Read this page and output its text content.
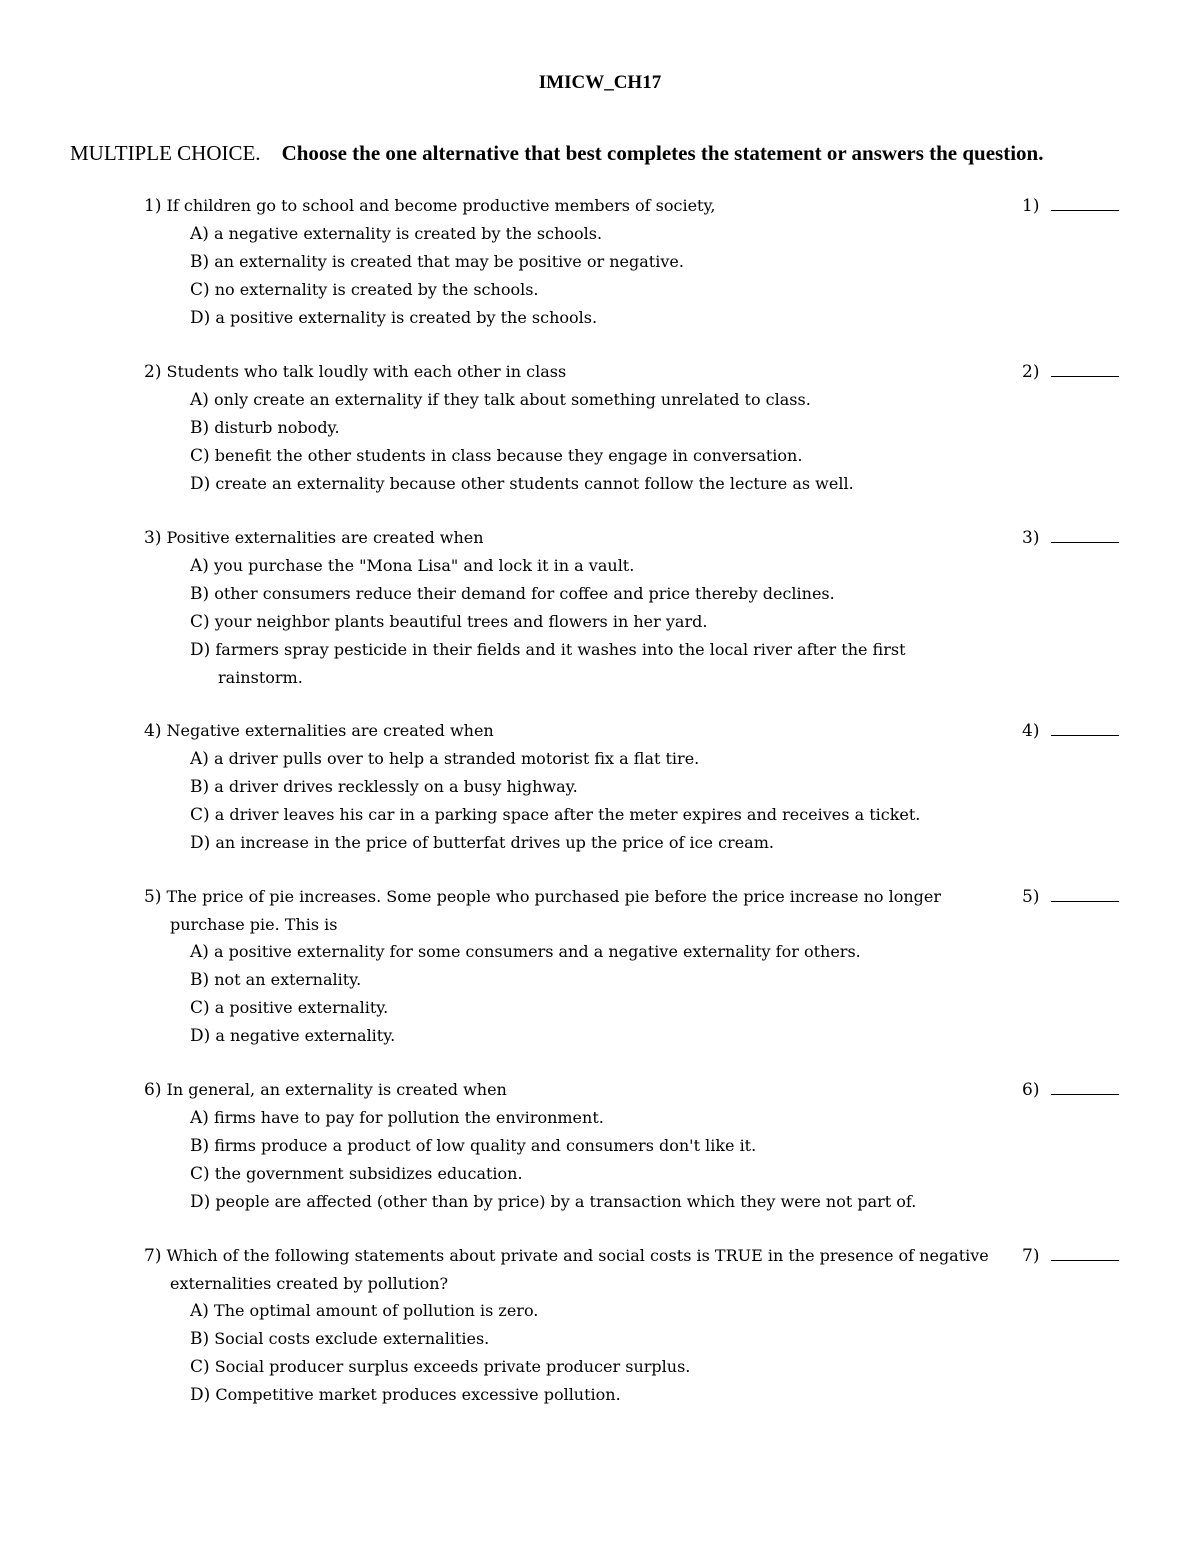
IMICW_CH17
MULTIPLE CHOICE. Choose the one alternative that best completes the statement or answers the question.
1) If children go to school and become productive members of society,	1)
A) a negative externality is created by the schools.
B) an externality is created that may be positive or negative.
C) no externality is created by the schools.
D) a positive externality is created by the schools.
2) Students who talk loudly with each other in class	2)
A) only create an externality if they talk about something unrelated to class.
B) disturb nobody.
C) benefit the other students in class because they engage in conversation.
D) create an externality because other students cannot follow the lecture as well.
3) Positive externalities are created when	3)
A) you purchase the "Mona Lisa" and lock it in a vault.
B) other consumers reduce their demand for coffee and price thereby declines.
C) your neighbor plants beautiful trees and flowers in her yard.
D) farmers spray pesticide in their fields and it washes into the local river after the first rainstorm.
4) Negative externalities are created when	4)
A) a driver pulls over to help a stranded motorist fix a flat tire.
B) a driver drives recklessly on a busy highway.
C) a driver leaves his car in a parking space after the meter expires and receives a ticket.
D) an increase in the price of butterfat drives up the price of ice cream.
5) The price of pie increases. Some people who purchased pie before the price increase no longer purchase pie. This is
5)
A) a positive externality for some consumers and a negative externality for others.
B) not an externality.
C) a positive externality.
D) a negative externality.
6) In general, an externality is created when	6)
A) firms have to pay for pollution the environment.
B) firms produce a product of low quality and consumers don't like it.
C) the government subsidizes education.
D) people are affected (other than by price) by a transaction which they were not part of.
7) Which of the following statements about private and social costs is TRUE in the presence of negative externalities created by pollution?
7)
A) The optimal amount of pollution is zero.
B) Social costs exclude externalities.
C) Social producer surplus exceeds private producer surplus.
D) Competitive market produces excessive pollution.
